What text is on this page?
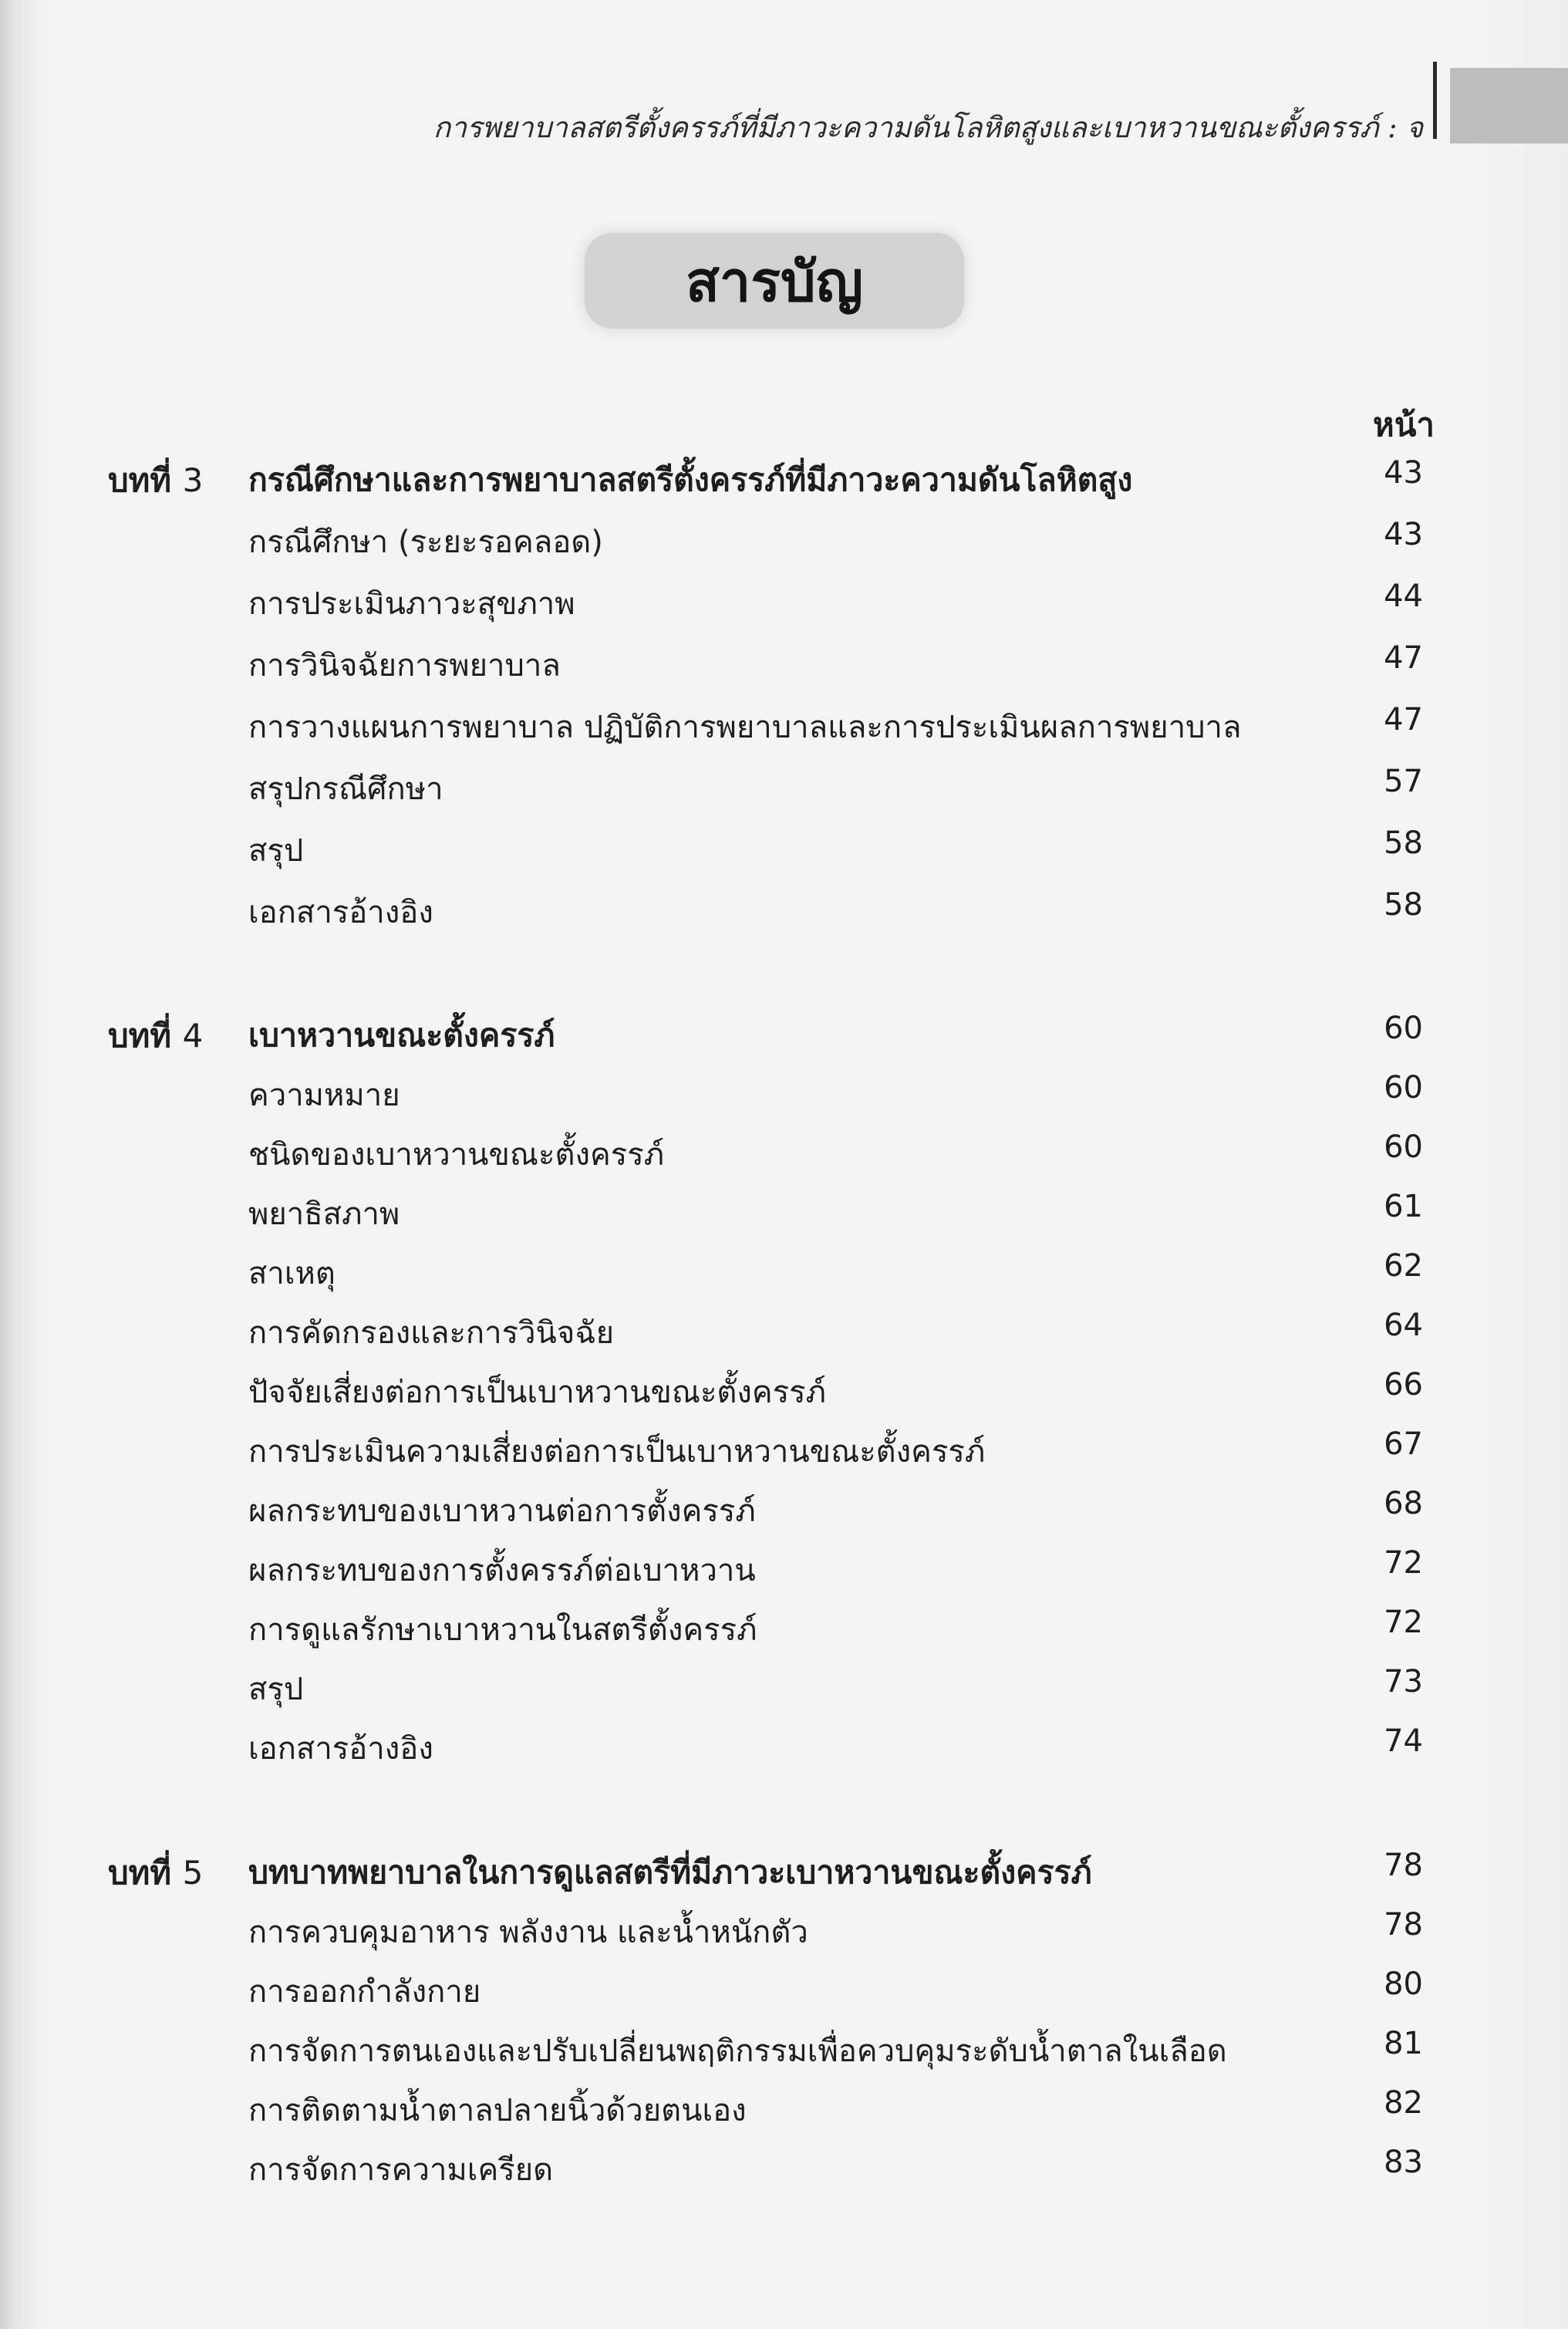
การพยาบาลสตรีตั้งครรภ์ที่มีภาวะความดันโลหิตสูงและเบาหวานขณะตั้งครรภ์ : จ
สารบัญ
หน้า
บทที่ 3 กรณีศึกษาและการพยาบาลสตรีตั้งครรภ์ที่มีภาวะความดันโลหิตสูง	43
กรณีศึกษา (ระยะรอคลอด)	43
การประเมินภาวะสุขภาพ	44
การวินิจฉัยการพยาบาล	47
การวางแผนการพยาบาล ปฏิบัติการพยาบาลและการประเมินผลการพยาบาล	47
สรุปกรณีศึกษา	57
สรุป	58
เอกสารอ้างอิง	58
บทที่ 4 เบาหวานขณะตั้งครรภ์	60
ความหมาย	60
ชนิดของเบาหวานขณะตั้งครรภ์	60
พยาธิสภาพ	61
สาเหตุ	62
การคัดกรองและการวินิจฉัย	64
ปัจจัยเสี่ยงต่อการเป็นเบาหวานขณะตั้งครรภ์	66
การประเมินความเสี่ยงต่อการเป็นเบาหวานขณะตั้งครรภ์	67
ผลกระทบของเบาหวานต่อการตั้งครรภ์	68
ผลกระทบของการตั้งครรภ์ต่อเบาหวาน	72
การดูแลรักษาเบาหวานในสตรีตั้งครรภ์	72
สรุป	73
เอกสารอ้างอิง	74
บทที่ 5 บทบาทพยาบาลในการดูแลสตรีที่มีภาวะเบาหวานขณะตั้งครรภ์	78
การควบคุมอาหาร พลังงาน และน้ำหนักตัว	78
การออกกำลังกาย	80
การจัดการตนเองและปรับเปลี่ยนพฤติกรรมเพื่อควบคุมระดับน้ำตาลในเลือด	81
การติดตามน้ำตาลปลายนิ้วด้วยตนเอง	82
การจัดการความเครียด	83
